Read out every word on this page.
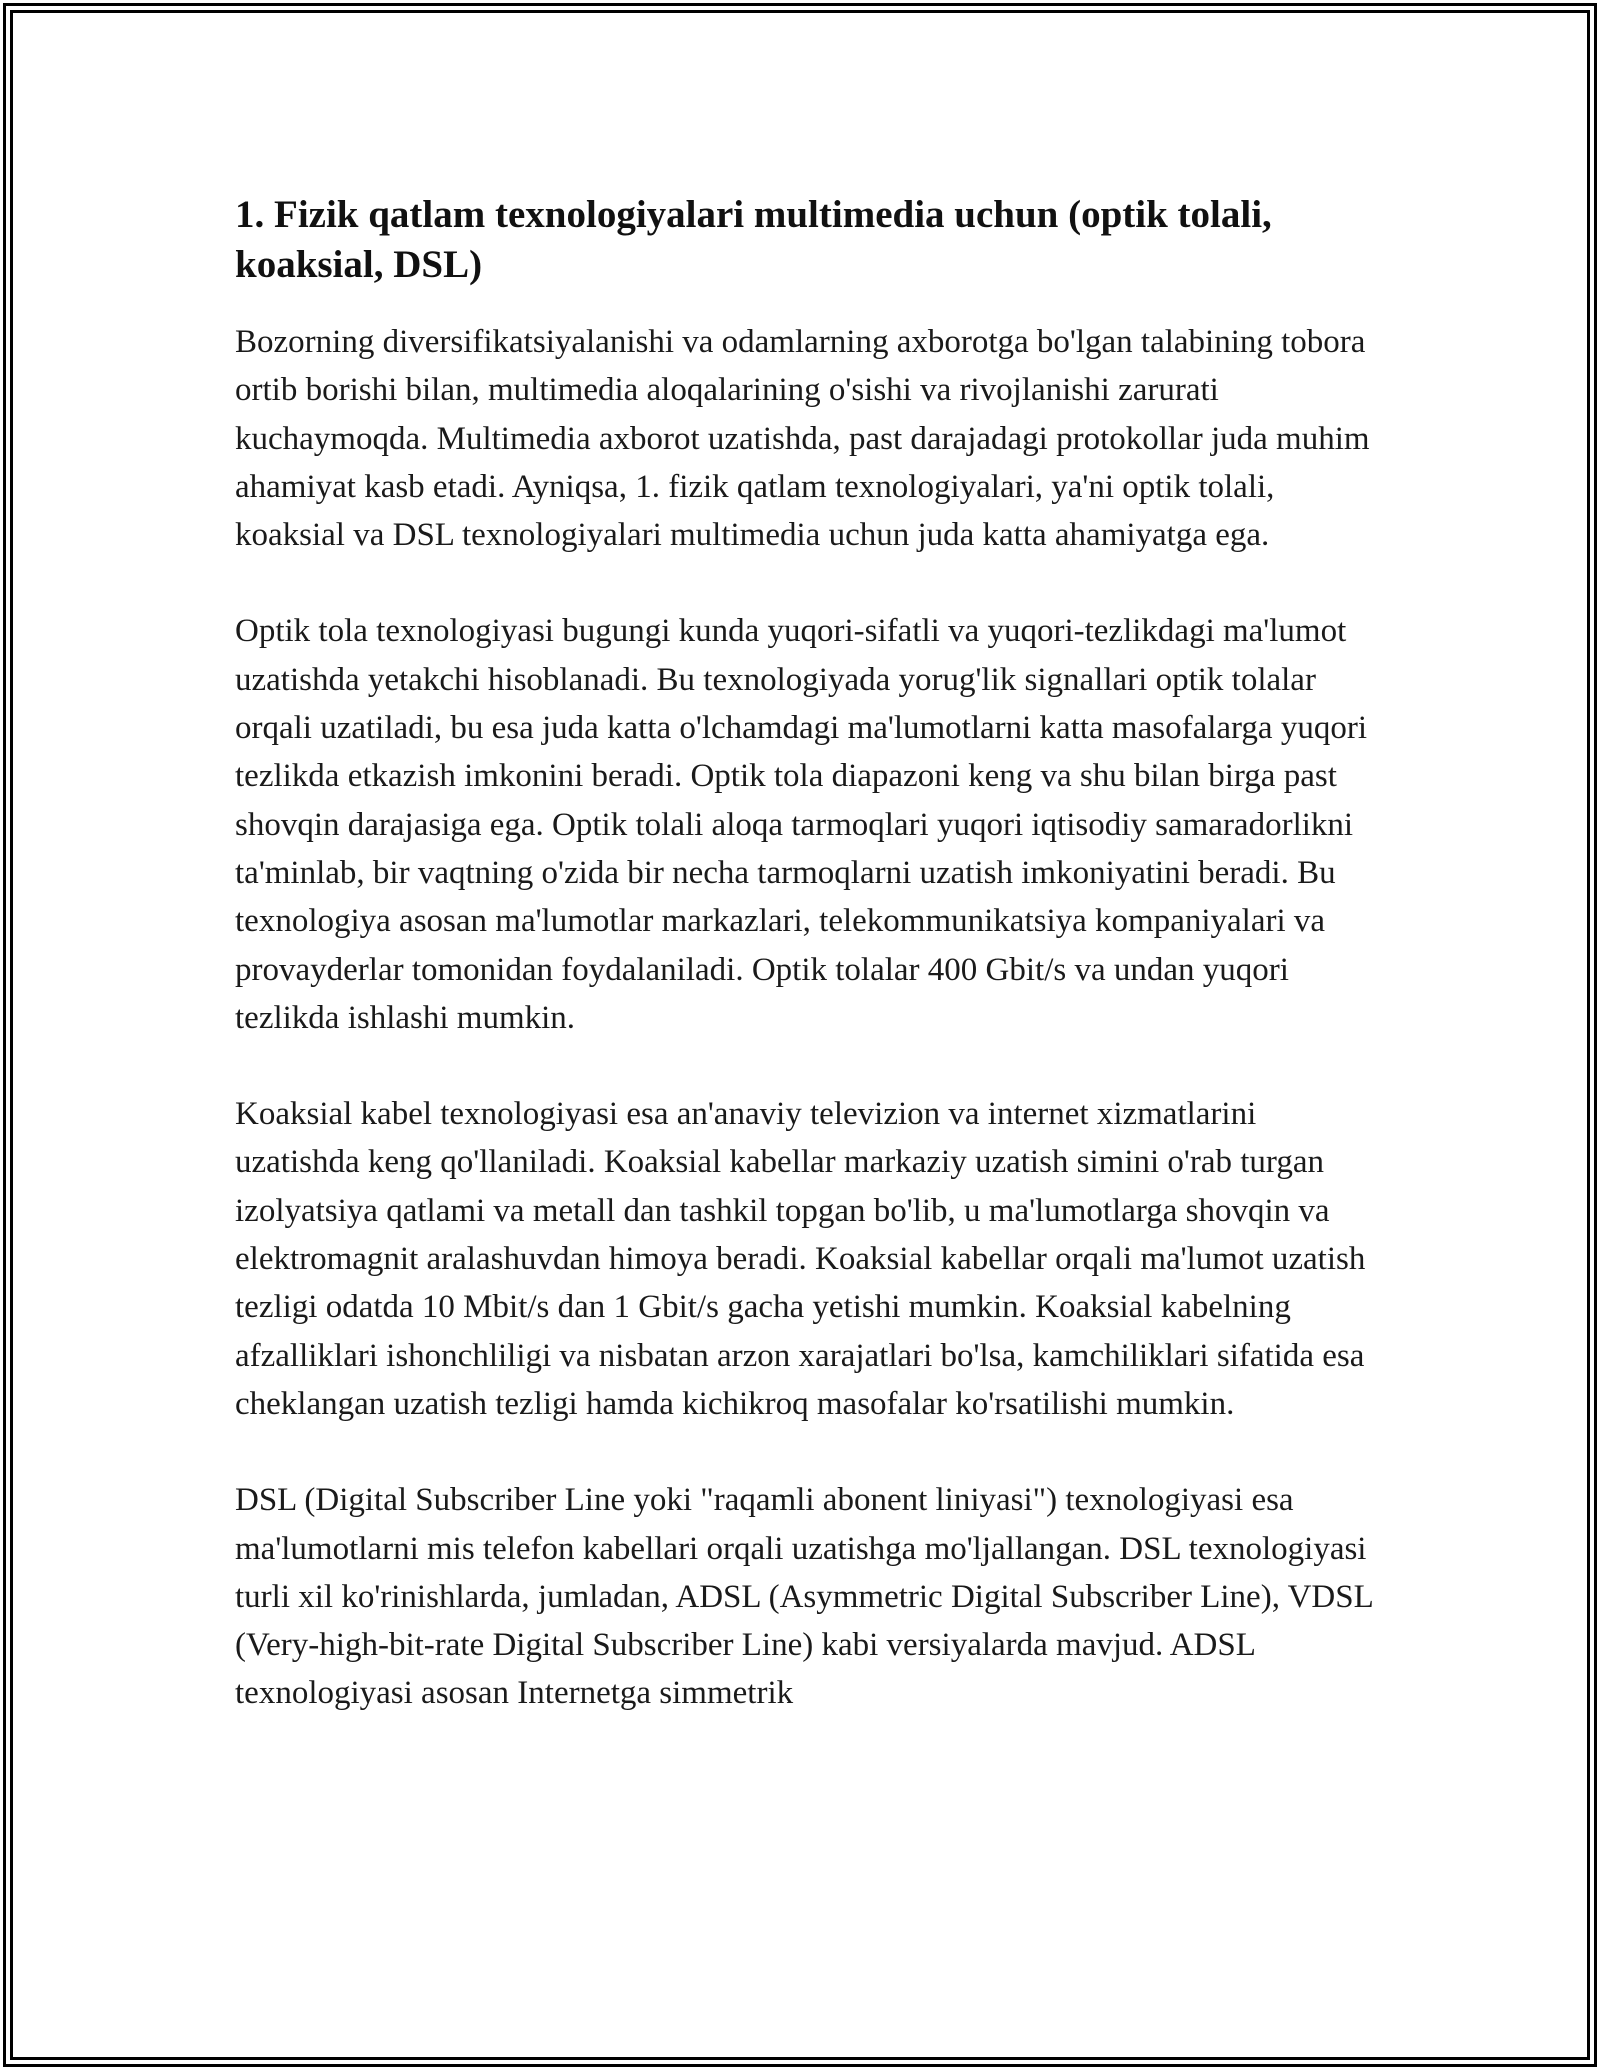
1. Fizik qatlam texnologiyalari multimedia uchun (optik tolali, koaksial, DSL)

Bozorning diversifikatsiyalanishi va odamlarning axborotga bo'lgan talabining tobora ortib borishi bilan, multimedia aloqalarining o'sishi va rivojlanishi zarurati kuchaymoqda. Multimedia axborot uzatishda, past darajadagi protokollar juda muhim ahamiyat kasb etadi. Ayniqsa, 1. fizik qatlam texnologiyalari, ya'ni optik tolali, koaksial va DSL texnologiyalari multimedia uchun juda katta ahamiyatga ega.

Optik tola texnologiyasi bugungi kunda yuqori-sifatli va yuqori-tezlikdagi ma'lumot uzatishda yetakchi hisoblanadi. Bu texnologiyada yorug'lik signallari optik tolalar orqali uzatiladi, bu esa juda katta o'lchamdagi ma'lumotlarni katta masofalarga yuqori tezlikda etkazish imkonini beradi. Optik tola diapazoni keng va shu bilan birga past shovqin darajasiga ega. Optik tolali aloqa tarmoqlari yuqori iqtisodiy samaradorlikni ta'minlab, bir vaqtning o'zida bir necha tarmoqlarni uzatish imkoniyatini beradi. Bu texnologiya asosan ma'lumotlar markazlari, telekommunikatsiya kompaniyalari va provayderlar tomonidan foydalaniladi. Optik tolalar 400 Gbit/s va undan yuqori tezlikda ishlashi mumkin.

Koaksial kabel texnologiyasi esa an'anaviy televizion va internet xizmatlarini uzatishda keng qo'llaniladi. Koaksial kabellar markaziy uzatish simini o'rab turgan izolyatsiya qatlami va metall dan tashkil topgan bo'lib, u ma'lumotlarga shovqin va elektromagnit aralashuvdan himoya beradi. Koaksial kabellar orqali ma'lumot uzatish tezligi odatda 10 Mbit/s dan 1 Gbit/s gacha yetishi mumkin. Koaksial kabelning afzalliklari ishonchliligi va nisbatan arzon xarajatlari bo'lsa, kamchiliklari sifatida esa cheklangan uzatish tezligi hamda kichikroq masofalar ko'rsatilishi mumkin.

DSL (Digital Subscriber Line yoki "raqamli abonent liniyasi") texnologiyasi esa ma'lumotlarni mis telefon kabellari orqali uzatishga mo'ljallangan. DSL texnologiyasi turli xil ko'rinishlarda, jumladan, ADSL (Asymmetric Digital Subscriber Line), VDSL (Very-high-bit-rate Digital Subscriber Line) kabi versiyalarda mavjud. ADSL texnologiyasi asosan Internetga simmetrik
